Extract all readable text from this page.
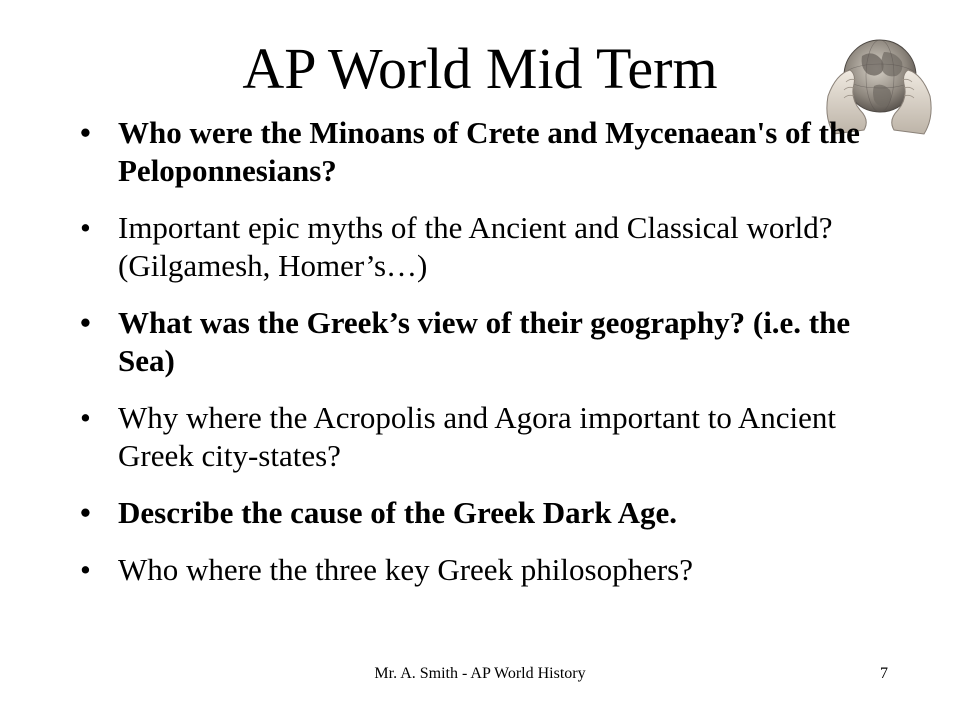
AP World Mid Term
• Who were the Minoans of Crete and Mycenaean's of the Peloponnesians?
• Important epic myths of the Ancient and Classical world? (Gilgamesh, Homer’s…)
• What was the Greek’s view of their geography? (i.e. the Sea)
• Why where the Acropolis and Agora important to Ancient Greek city-states?
• Describe the cause of the Greek Dark Age.
• Who where the three key Greek philosophers?
Mr. A. Smith - AP World History	7
